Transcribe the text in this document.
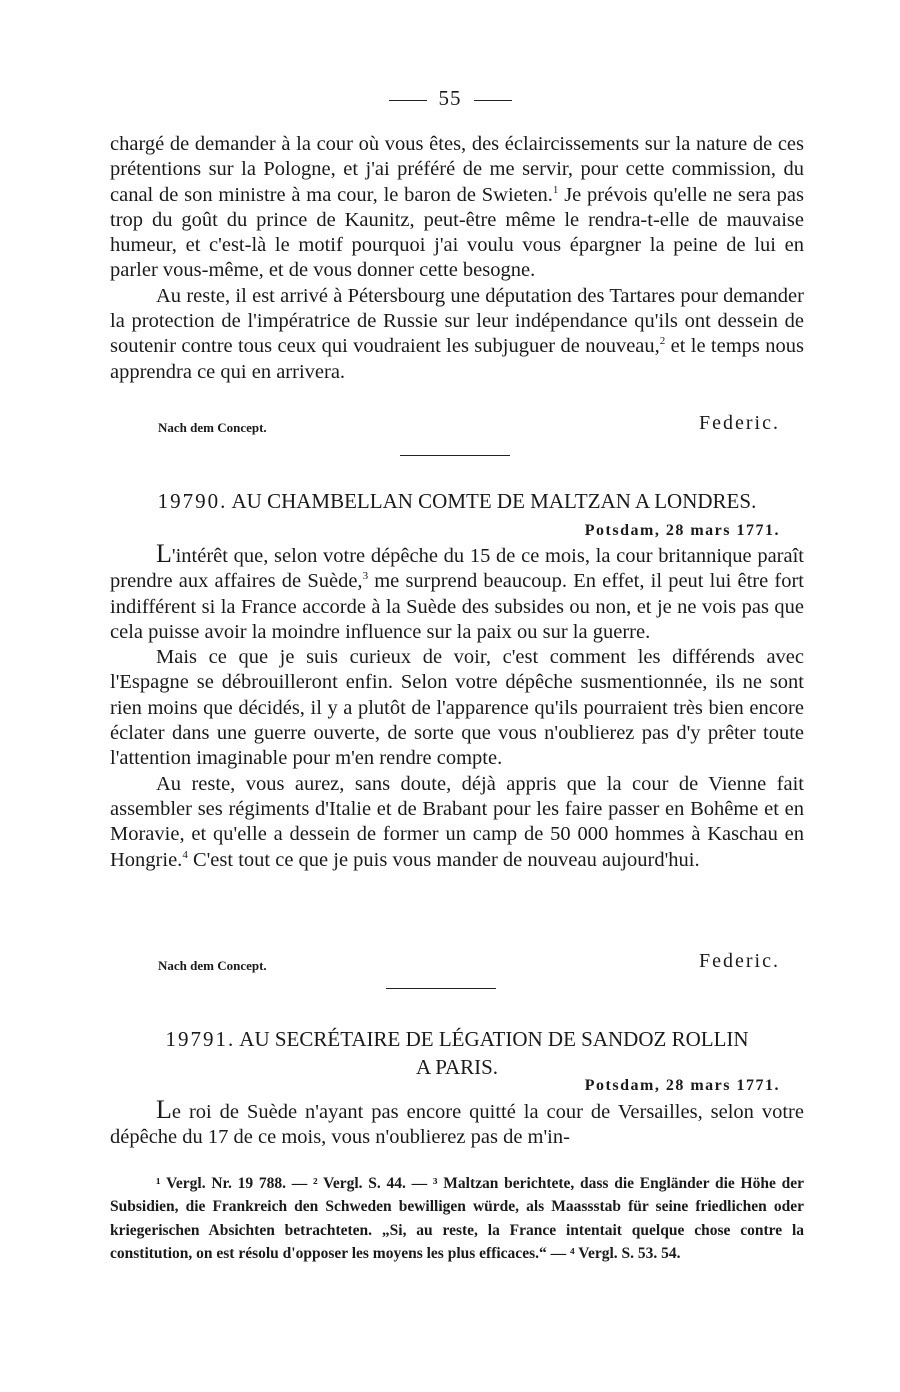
55

chargé de demander à la cour où vous êtes, des éclaircissements sur la nature de ces prétentions sur la Pologne, et j'ai préféré de me servir, pour cette commission, du canal de son ministre à ma cour, le baron de Swieten.$^1$ Je prévois qu'elle ne sera pas trop du goût du prince de Kaunitz, peut-être même le rendra-t-elle de mauvaise humeur, et c'est-là le motif pourquoi j'ai voulu vous épargner la peine de lui en parler vous-même, et de vous donner cette besogne.

Au reste, il est arrivé à Pétersbourg une députation des Tartares pour demander la protection de l'impératrice de Russie sur leur indépendance qu'ils ont dessein de soutenir contre tous ceux qui voudraient les subjuguer de nouveau,$^2$ et le temps nous apprendra ce qui en arrivera.

Nach dem Concept.	Federic.
19790. AU CHAMBELLAN COMTE DE MALTZAN A LONDRES.
Potsdam, 28 mars 1771.

L'intérêt que, selon votre dépêche du 15 de ce mois, la cour britannique paraît prendre aux affaires de Suède,$^3$ me surprend beaucoup. En effet, il peut lui être fort indifférent si la France accorde à la Suède des subsides ou non, et je ne vois pas que cela puisse avoir la moindre influence sur la paix ou sur la guerre.

Mais ce que je suis curieux de voir, c'est comment les différends avec l'Espagne se débrouilleront enfin. Selon votre dépêche susmentionnée, ils ne sont rien moins que décidés, il y a plutôt de l'apparence qu'ils pourraient très bien encore éclater dans une guerre ouverte, de sorte que vous n'oublierez pas d'y prêter toute l'attention imaginable pour m'en rendre compte.

Au reste, vous aurez, sans doute, déjà appris que la cour de Vienne fait assembler ses régiments d'Italie et de Brabant pour les faire passer en Bohême et en Moravie, et qu'elle a dessein de former un camp de 50 000 hommes à Kaschau en Hongrie.$^4$ C'est tout ce que je puis vous mander de nouveau aujourd'hui.

Nach dem Concept.	Federic.
19791. AU SECRÉTAIRE DE LÉGATION DE SANDOZ ROLLIN
A PARIS.
Potsdam, 28 mars 1771.

Le roi de Suède n'ayant pas encore quitté la cour de Versailles, selon votre dépêche du 17 de ce mois, vous n'oublierez pas de m'in-

¹ Vergl. Nr. 19 788. — ² Vergl. S. 44. — ³ Maltzan berichtete, dass die Engländer die Höhe der Subsidien, die Frankreich den Schweden bewilligen würde, als Maassstab für seine friedlichen oder kriegerischen Absichten betrachteten. „Si, au reste, la France intentait quelque chose contre la constitution, on est résolu d'opposer les moyens les plus efficaces.“ — ⁴ Vergl. S. 53. 54.
